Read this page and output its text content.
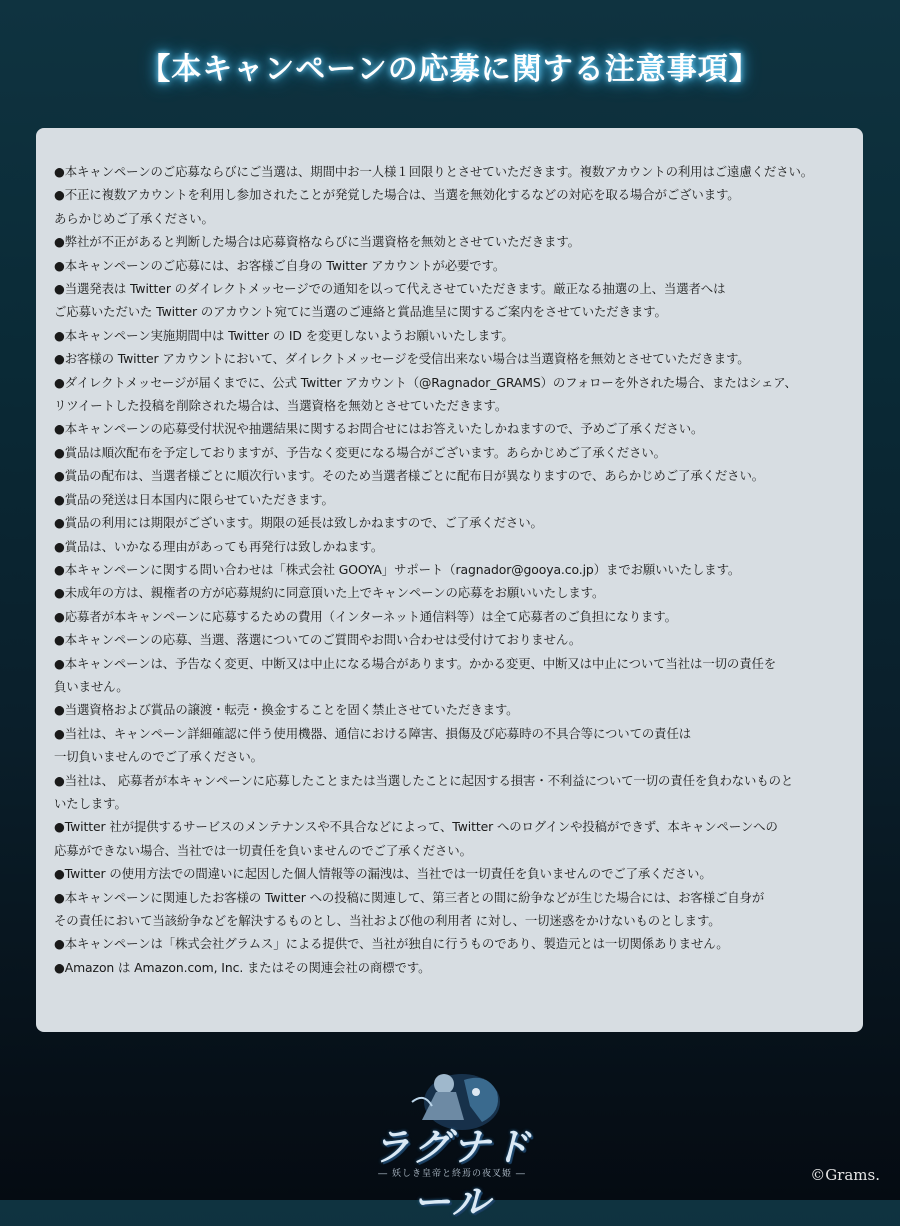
【本キャンペーンの応募に関する注意事項】
●本キャンペーンのご応募ならびにご当選は、期間中お一人様１回限りとさせていただきます。複数アカウントの利用はご遠慮ください。
●不正に複数アカウントを利用し参加されたことが発覚した場合は、当選を無効化するなどの対応を取る場合がございます。
あらかじめご了承ください。
●弊社が不正があると判断した場合は応募資格ならびに当選資格を無効とさせていただきます。
●本キャンペーンのご応募には、お客様ご自身の Twitter アカウントが必要です。
●当選発表は Twitter のダイレクトメッセージでの通知を以って代えさせていただきます。厳正なる抽選の上、当選者へは
ご応募いただいた Twitter のアカウント宛てに当選のご連絡と賞品進呈に関するご案内をさせていただきます。
●本キャンペーン実施期間中は Twitter の ID を変更しないようお願いいたします。
●お客様の Twitter アカウントにおいて、ダイレクトメッセージを受信出来ない場合は当選資格を無効とさせていただきます。
●ダイレクトメッセージが届くまでに、公式 Twitter アカウント（@Ragnador_GRAMS）のフォローを外された場合、またはシェア、
リツイートした投稿を削除された場合は、当選資格を無効とさせていただきます。
●本キャンペーンの応募受付状況や抽選結果に関するお問合せにはお答えいたしかねますので、予めご了承ください。
●賞品は順次配布を予定しておりますが、予告なく変更になる場合がございます。あらかじめご了承ください。
●賞品の配布は、当選者様ごとに順次行います。そのため当選者様ごとに配布日が異なりますので、あらかじめご了承ください。
●賞品の発送は日本国内に限らせていただきます。
●賞品の利用には期限がございます。期限の延長は致しかねますので、ご了承ください。
●賞品は、いかなる理由があっても再発行は致しかねます。
●本キャンペーンに関する問い合わせは「株式会社 GOOYA」サポート（ragnador@gooya.co.jp）までお願いいたします。
●未成年の方は、親権者の方が応募規約に同意頂いた上でキャンペーンの応募をお願いいたします。
●応募者が本キャンペーンに応募するための費用（インターネット通信料等）は全て応募者のご負担になります。
●本キャンペーンの応募、当選、落選についてのご質問やお問い合わせは受付けておりません。
●本キャンペーンは、予告なく変更、中断又は中止になる場合があります。かかる変更、中断又は中止について当社は一切の責任を
負いません。
●当選資格および賞品の譲渡・転売・換金することを固く禁止させていただきます。
●当社は、キャンペーン詳細確認に伴う使用機器、通信における障害、損傷及び応募時の不具合等についての責任は
一切負いませんのでご了承ください。
●当社は、 応募者が本キャンペーンに応募したことまたは当選したことに起因する損害・不利益について一切の責任を負わないものと
いたします。
●Twitter 社が提供するサービスのメンテナンスや不具合などによって、Twitter へのログインや投稿ができず、本キャンペーンへの
応募ができない場合、当社では一切責任を負いませんのでご了承ください。
●Twitter の使用方法での間違いに起因した個人情報等の漏洩は、当社では一切責任を負いませんのでご了承ください。
●本キャンペーンに関連したお客様の Twitter への投稿に関連して、第三者との間に紛争などが生じた場合には、お客様ご自身が
その責任において当該紛争などを解決するものとし、当社および他の利用者 に対し、一切迷惑をかけないものとします。
●本キャンペーンは「株式会社グラムス」による提供で、当社が独自に行うものであり、製造元とは一切関係ありません。
●Amazon は Amazon.com, Inc. またはその関連会社の商標です。
ラグナドール
― 妖しき皇帝と終焉の夜叉姫 ―	©Grams.
